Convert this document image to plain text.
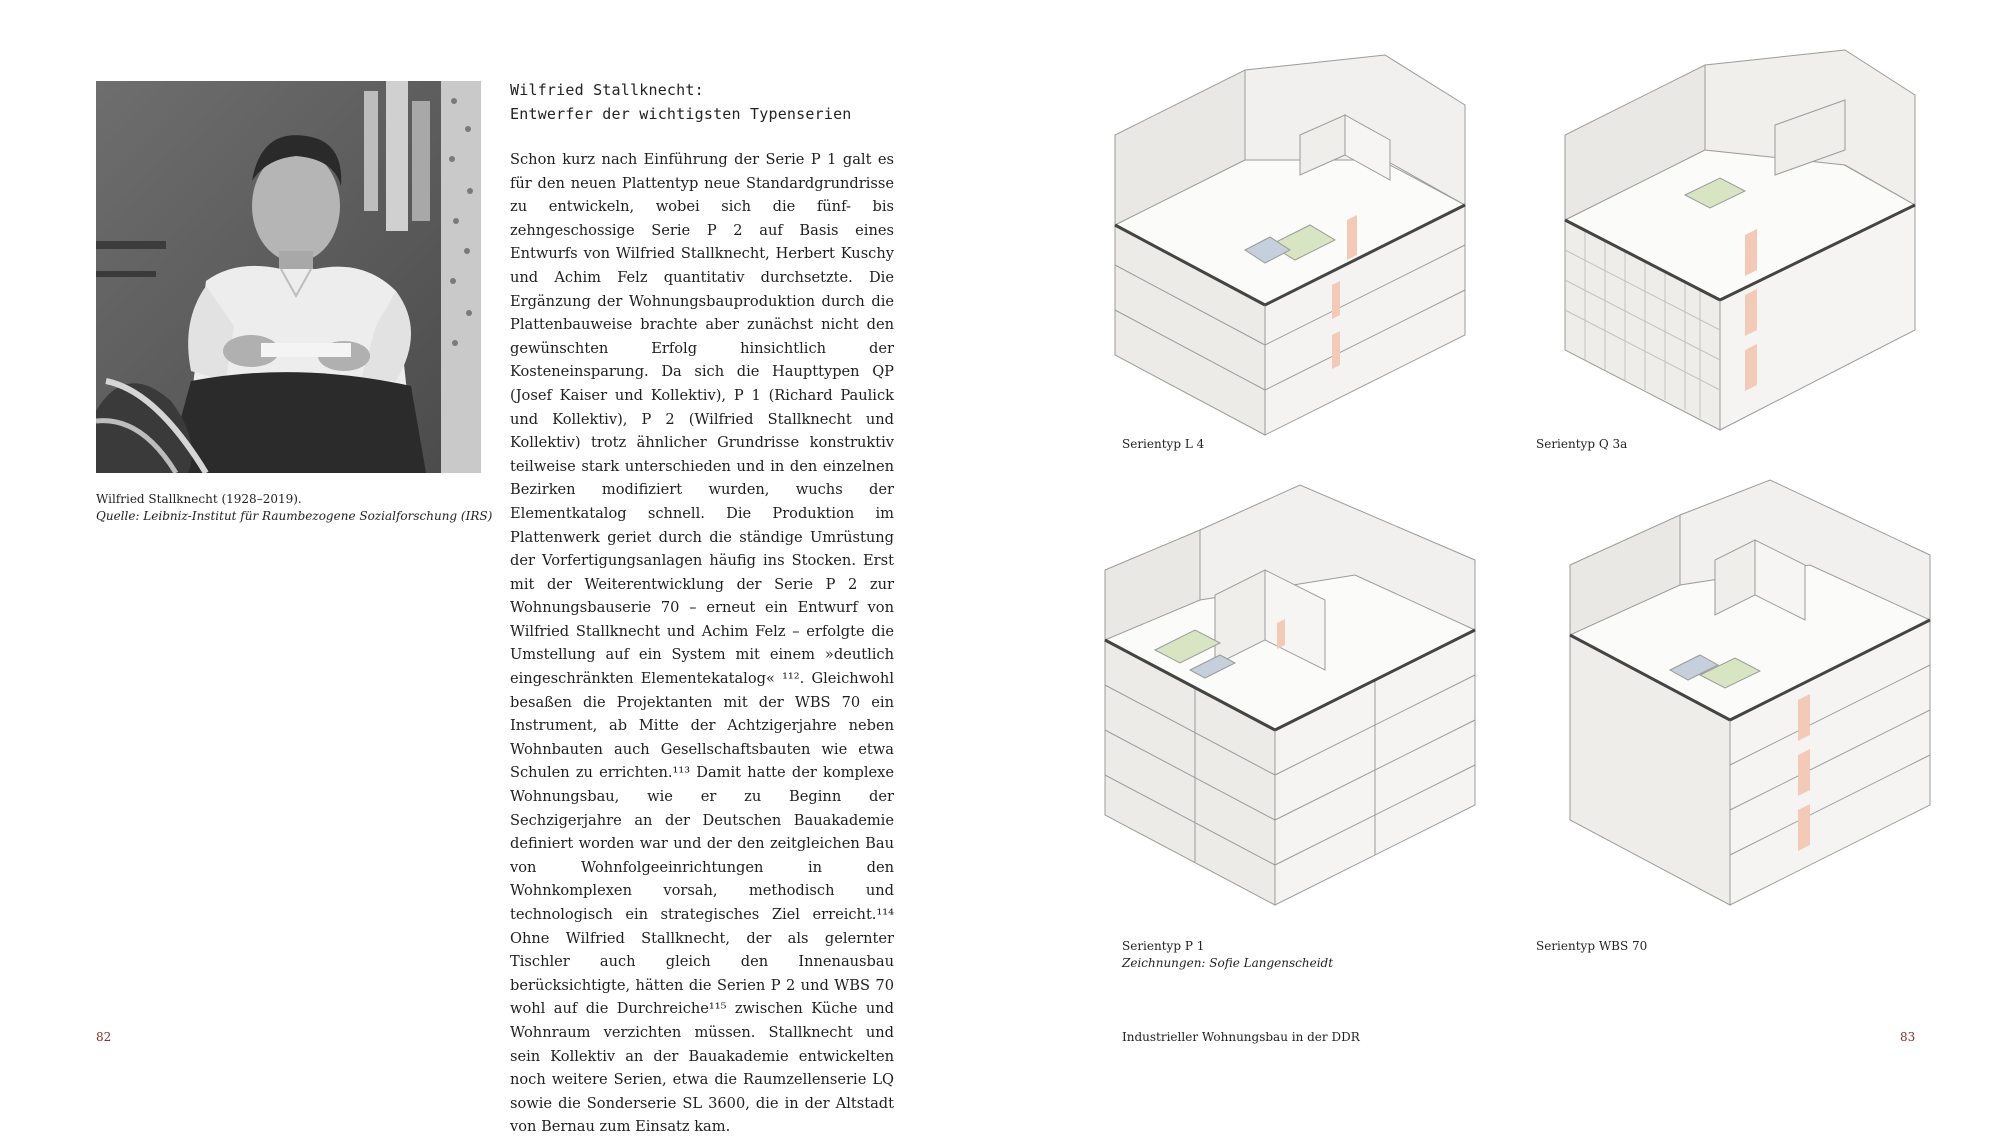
Wilfried Stallknecht (1928–2019).
Quelle: Leibniz-Institut für Raumbezogene Sozialforschung (IRS)
Wilfried Stallknecht:
Entwerfer der wichtigsten Typenserien

Schon kurz nach Einführung der Serie P 1 galt es für den neuen Plattentyp neue Standardgrundrisse zu entwickeln, wobei sich die fünf- bis zehngeschossige Serie P 2 auf Basis eines Entwurfs von Wilfried Stallknecht, Herbert Kuschy und Achim Felz quantitativ durchsetzte. Die Ergänzung der Wohnungsbauproduktion durch die Plattenbauweise brachte aber zunächst nicht den gewünschten Erfolg hinsichtlich der Kosteneinsparung. Da sich die Haupttypen QP (Josef Kaiser und Kollektiv), P 1 (Richard Paulick und Kollektiv), P 2 (Wilfried Stallknecht und Kollektiv) trotz ähnlicher Grundrisse konstruktiv teilweise stark unterschieden und in den einzelnen Bezirken modifiziert wurden, wuchs der Elementkatalog schnell. Die Produktion im Plattenwerk geriet durch die ständige Umrüstung der Vorfertigungsanlagen häufig ins Stocken. Erst mit der Weiterentwicklung der Serie P 2 zur Wohnungsbauserie 70 – erneut ein Entwurf von Wilfried Stallknecht und Achim Felz – erfolgte die Umstellung auf ein System mit einem »deutlich eingeschränkten Elementekatalog« ¹¹². Gleichwohl besaßen die Projektanten mit der WBS 70 ein Instrument, ab Mitte der Achtzigerjahre neben Wohnbauten auch Gesellschaftsbauten wie etwa Schulen zu errichten.¹¹³ Damit hatte der komplexe Wohnungsbau, wie er zu Beginn der Sechzigerjahre an der Deutschen Bauakademie definiert worden war und der den zeitgleichen Bau von Wohnfolgeeinrichtungen in den Wohnkomplexen vorsah, methodisch und technologisch ein strategisches Ziel erreicht.¹¹⁴ Ohne Wilfried Stallknecht, der als gelernter Tischler auch gleich den Innenausbau berücksichtigte, hätten die Serien P 2 und WBS 70 wohl auf die Durchreiche¹¹⁵ zwischen Küche und Wohnraum verzichten müssen. Stallknecht und sein Kollektiv an der Bauakademie entwickelten noch weitere Serien, etwa die Raumzellenserie LQ sowie die Sonderserie SL 3600, die in der Altstadt von Bernau zum Einsatz kam.

82
Serientyp L 4	Serientyp Q 3a
Serientyp P 1
Zeichnungen: Sofie Langenscheidt
Serientyp WBS 70
Industrieller Wohnungsbau in der DDR	83
